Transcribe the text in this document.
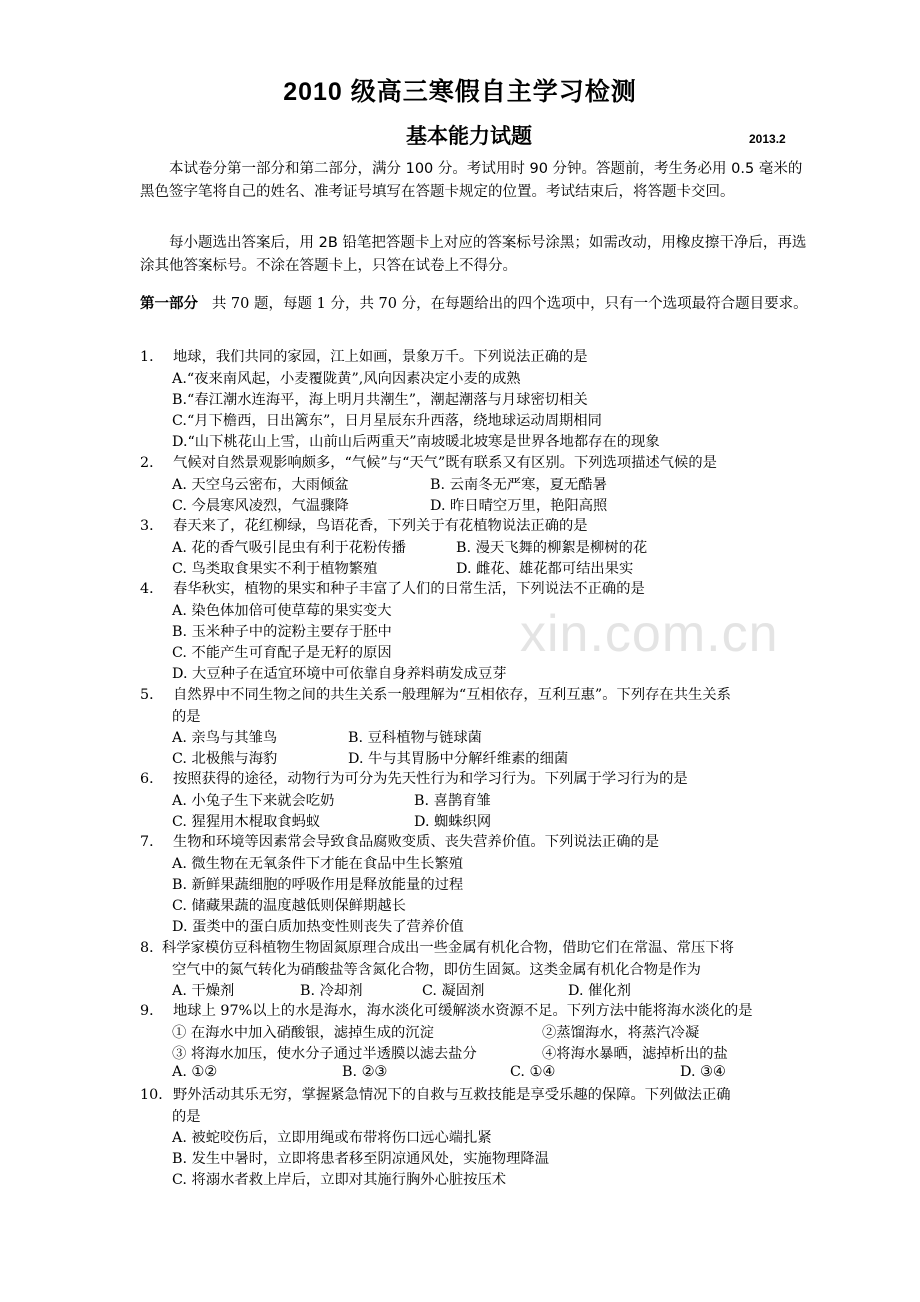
xin.com.cn
2010 级高三寒假自主学习检测
基本能力试题	2013.2
本试卷分第一部分和第二部分，满分 100 分。考试用时 90 分钟。答题前，考生务必用 0.5 毫米的黑色签字笔将自己的姓名、准考证号填写在答题卡规定的位置。考试结束后，将答题卡交回。
每小题选出答案后，用 2B 铅笔把答题卡上对应的答案标号涂黑；如需改动，用橡皮擦干净后，再选涂其他答案标号。不涂在答题卡上，只答在试卷上不得分。
第一部分 共 70 题，每题 1 分，共 70 分，在每题给出的四个选项中，只有一个选项最符合题目要求。
1． 地球，我们共同的家园，江上如画，景象万千。下列说法正确的是
A.“夜来南风起，小麦覆陇黄”,风向因素决定小麦的成熟
B.“春江潮水连海平，海上明月共潮生”，潮起潮落与月球密切相关
C.“月下檐西，日出篱东”，日月星辰东升西落，绕地球运动周期相同
D.“山下桃花山上雪，山前山后两重天”南坡暖北坡寒是世界各地都存在的现象
2． 气候对自然景观影响颇多，“气候”与“天气”既有联系又有区别。下列选项描述气候的是
A. 天空乌云密布，大雨倾盆	B. 云南冬无严寒，夏无酷暑
C. 今晨寒风凌烈，气温骤降	D. 昨日晴空万里，艳阳高照
3． 春天来了，花红柳绿，鸟语花香，下列关于有花植物说法正确的是
A. 花的香气吸引昆虫有利于花粉传播	B. 漫天飞舞的柳絮是柳树的花
C. 鸟类取食果实不利于植物繁殖	D. 雌花、雄花都可结出果实
4． 春华秋实，植物的果实和种子丰富了人们的日常生活，下列说法不正确的是
A. 染色体加倍可使草莓的果实变大
B. 玉米种子中的淀粉主要存于胚中
C. 不能产生可育配子是无籽的原因
D. 大豆种子在适宜环境中可依靠自身养料萌发成豆芽
5． 自然界中不同生物之间的共生关系一般理解为“互相依存，互利互惠”。下列存在共生关系
的是
A. 亲鸟与其雏鸟	B. 豆科植物与链球菌
C. 北极熊与海豹	D. 牛与其胃肠中分解纤维素的细菌
6． 按照获得的途径，动物行为可分为先天性行为和学习行为。下列属于学习行为的是
A. 小兔子生下来就会吃奶	B. 喜鹊育雏
C. 猩猩用木棍取食蚂蚁	D. 蜘蛛织网
7． 生物和环境等因素常会导致食品腐败变质、丧失营养价值。下列说法正确的是
A. 微生物在无氧条件下才能在食品中生长繁殖
B. 新鲜果蔬细胞的呼吸作用是释放能量的过程
C. 储藏果蔬的温度越低则保鲜期越长
D. 蛋类中的蛋白质加热变性则丧失了营养价值
8．
科学家模仿豆科植物生物固氮原理合成出一些金属有机化合物，借助它们在常温、常压下将
空气中的氮气转化为硝酸盐等含氮化合物，即仿生固氮。这类金属有机化合物是作为
A. 干燥剂	B. 冷却剂	C. 凝固剂	D. 催化剂
9． 地球上 97%以上的水是海水，海水淡化可缓解淡水资源不足。下列方法中能将海水淡化的是
① 在海水中加入硝酸银，滤掉生成的沉淀	②蒸馏海水，将蒸汽冷凝
③ 将海水加压，使水分子通过半透膜以滤去盐分	④将海水暴晒，滤掉析出的盐
A. ①②	B. ②③	C. ①④	D. ③④
10． 野外活动其乐无穷，掌握紧急情况下的自救与互救技能是享受乐趣的保障。下列做法正确
的是
A. 被蛇咬伤后，立即用绳或布带将伤口远心端扎紧
B. 发生中暑时，立即将患者移至阴凉通风处，实施物理降温
C. 将溺水者救上岸后，立即对其施行胸外心脏按压术
